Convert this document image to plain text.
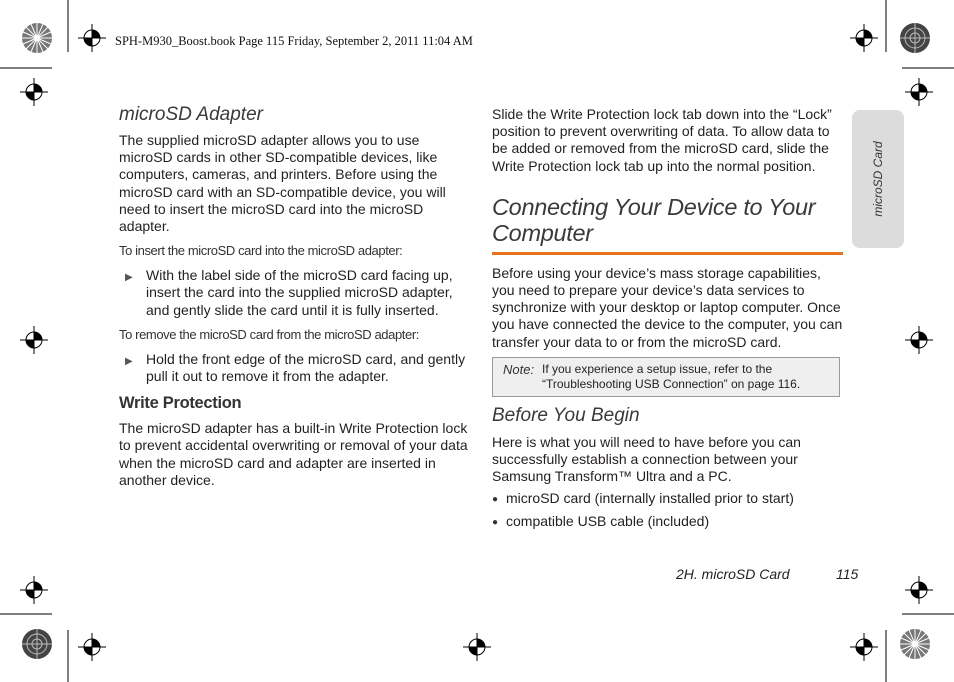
SPH-M930_Boost.book Page 115 Friday, September 2, 2011 11:04 AM
microSD Adapter

The supplied microSD adapter allows you to use microSD cards in other SD-compatible devices, like computers, cameras, and printers. Before using the microSD card with an SD-compatible device, you will need to insert the microSD card into the microSD adapter.

To insert the microSD card into the microSD adapter:

▶ With the label side of the microSD card facing up, insert the card into the supplied microSD adapter, and gently slide the card until it is fully inserted.

To remove the microSD card from the microSD adapter:

▶ Hold the front edge of the microSD card, and gently pull it out to remove it from the adapter.
Write Protection

The microSD adapter has a built-in Write Protection lock to prevent accidental overwriting or removal of your data when the microSD card and adapter are inserted in another device.

Slide the Write Protection lock tab down into the “Lock” position to prevent overwriting of data. To allow data to be added or removed from the microSD card, slide the Write Protection lock tab up into the normal position.

Connecting Your Device to Your Computer

Before using your device’s mass storage capabilities, you need to prepare your device’s data services to synchronize with your desktop or laptop computer. Once you have connected the device to the computer, you can transfer your data to or from the microSD card.

Note: If you experience a setup issue, refer to the “Troubleshooting USB Connection” on page 116.
Before You Begin

Here is what you will need to have before you can successfully establish a connection between your Samsung Transform™ Ultra and a PC.

● microSD card (internally installed prior to start)
● compatible USB cable (included)
microSD Card
2H. microSD Card	115
